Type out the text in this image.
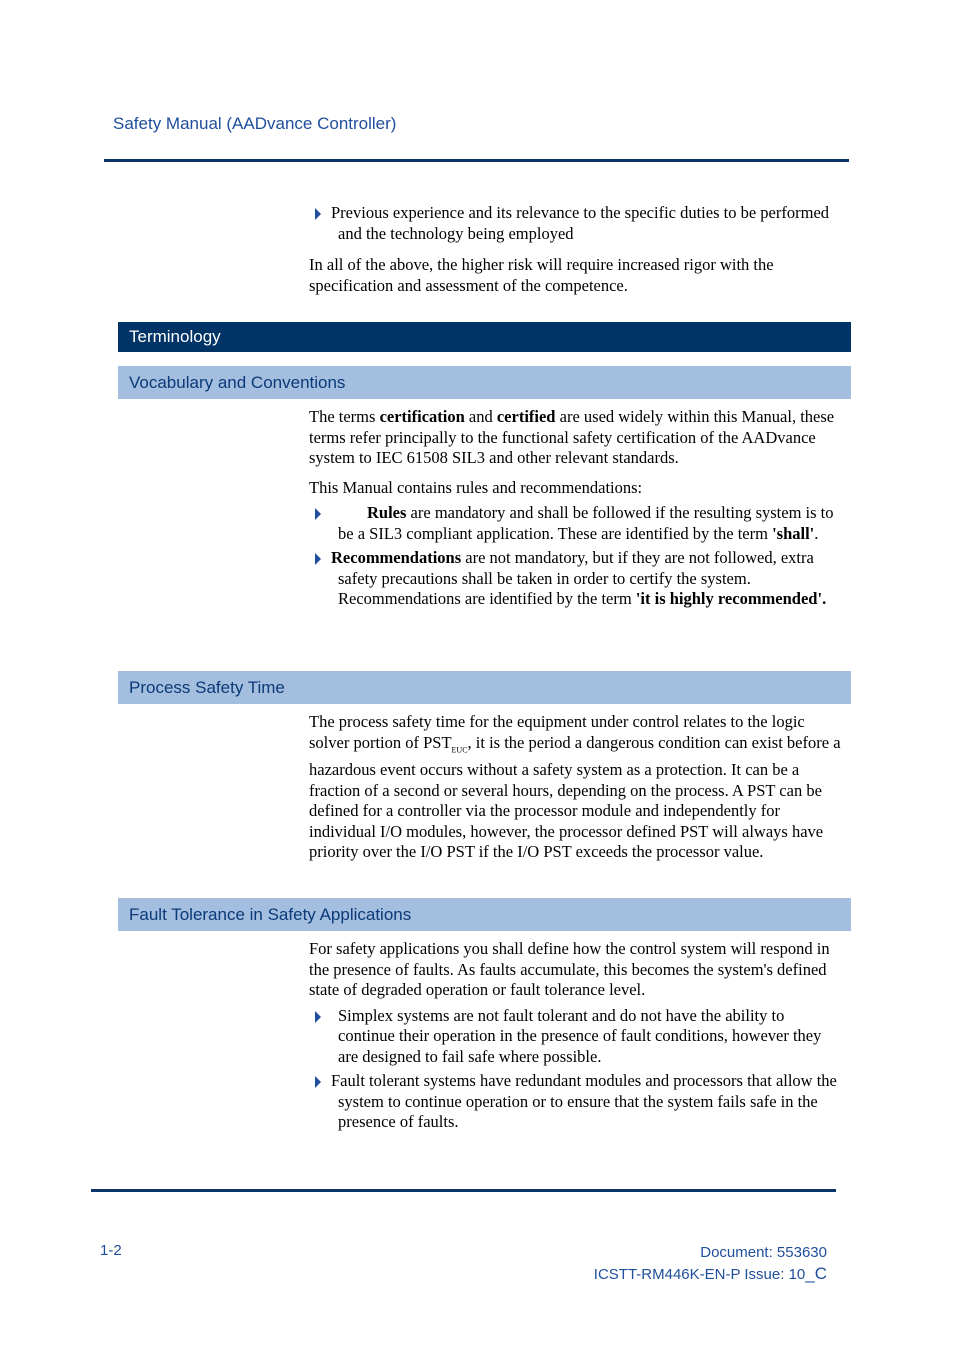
Safety Manual (AADvance Controller)
Previous experience and its relevance to the specific duties to be performed and the technology being employed

In all of the above, the higher risk will require increased rigor with the specification and assessment of the competence.

Terminology
Vocabulary and Conventions

The terms certification and certified are used widely within this Manual, these terms refer principally to the functional safety certification of the AADvance system to IEC 61508 SIL3 and other relevant standards.

This Manual contains rules and recommendations:

Rules are mandatory and shall be followed if the resulting system is to be a SIL3 compliant application. These are identified by the term 'shall'.
Recommendations are not mandatory, but if they are not followed, extra safety precautions shall be taken in order to certify the system. Recommendations are identified by the term 'it is highly recommended'.
Process Safety Time

The process safety time for the equipment under control relates to the logic solver portion of $PST_{EUC}$, it is the period a dangerous condition can exist before a hazardous event occurs without a safety system as a protection. It can be a fraction of a second or several hours, depending on the process. A PST can be defined for a controller via the processor module and independently for individual I/O modules, however, the processor defined PST will always have priority over the I/O PST if the I/O PST exceeds the processor value.

Fault Tolerance in Safety Applications

For safety applications you shall define how the control system will respond in the presence of faults. As faults accumulate, this becomes the system's defined state of degraded operation or fault tolerance level.

Simplex systems are not fault tolerant and do not have the ability to continue their operation in the presence of fault conditions, however they are designed to fail safe where possible.
Fault tolerant systems have redundant modules and processors that allow the system to continue operation or to ensure that the system fails safe in the presence of faults.
1-2	Document: 553630
ICSTT-RM446K-EN-P Issue: 10_C
